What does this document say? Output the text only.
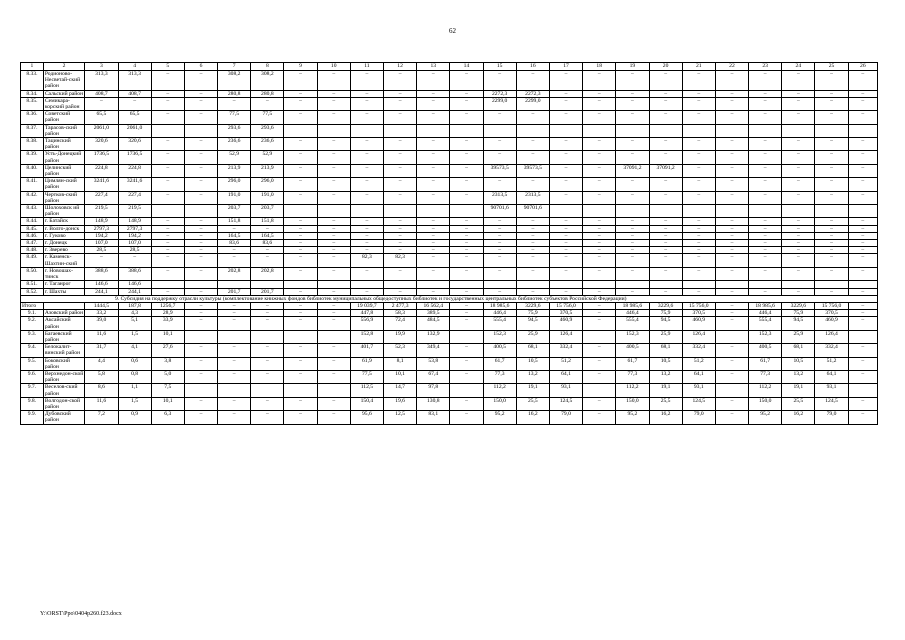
62
1	2	3	4	5	6	7	8	9	10	11	12	13	14	15	16	17	18	19	20	21	22	23	24	25	26
8.33.	Родионово-Несветай-ский район	313,3	313,3	–	–	308,2	308,2	–	–	–	–	–	–	–	–	–	–	–	–	–	–	–	–	–	–
8.34.	Сальский район	408,7	408,7	–	–	280,8	280,8	–	–	–	–	–	–	2272,3	2272,3	–	–	–	–	–	–	–	–	–	–
8.35.	Семикара-корский район	–	–	–	–	–	–	–	–	–	–	–	–	2299,0	2299,0	–	–	–	–	–	–	–	–	–	–
8.36.	Советский район	65,5	65,5	–	–	77,5	77,5	–	–	–	–	–	–	–	–	–	–	–	–	–	–	–	–	–	–
8.37.	Тарасов-ский район	2061,0	2061,0			293,6	293,6																		
8.38.	Тацинский район	320,6	320,6	–	–	236,6	236,6	–	–	–	–	–	–	–	–	–	–	–	–	–	–	–	–	–	–
8.39.	Усть-Донецкий район	1736,5	1736,5	–	–	52,9	52,9	–	–	–	–	–	–	–	–	–	–	–	–	–	–	–	–	–	–
8.40.	Целинский район	224,8	224,8	–	–	213,9	213,9	–	–	–	–	–	–	39573,5	39573,5	–	–	37091,2	37091,2	–	–	–	–	–	–
8.41.	Цимлян-ский район	3241,6	3241,6	–	–	296,0	296,0	–	–	–	–	–	–	–	–	–	–	–	–	–	–	–	–	–	–
8.42.	Чертков-ский район	227,4	227,4	–	–	191,0	191,0	–	–	–	–	–	–	2313,5	2313,5	–	–	–	–	–	–	–	–	–	–
8.43.	Шолоховск ий район	219,5	219,5			203,7	203,7							90701,6	90701,6										
8.44.	г. Батайск	148,9	148,9	–	–	151,8	151,8	–	–	–	–	–	–	–	–	–	–	–	–	–	–	–	–	–	–
8.45.	г. Волго-донск	2797,3	2797,3	–	–	–	–	–	–	–	–	–	–	–	–	–	–	–	–	–	–	–	–	–	–
8.46.	г. Гуково	194,2	194,2	–	–	164,5	164,5	–	–	–	–	–	–	–	–	–	–	–	–	–	–	–	–	–	–
8.47.	г. Донецк	107,0	107,0	–	–	83,6	83,6	–	–	–	–	–	–	–	–	–	–	–	–	–	–	–	–	–	–
8.48.	г. Зверево	28,5	28,5	–	–	–	–	–	–	–	–	–	–	–	–	–	–	–	–	–	–	–	–	–	–
8.49.	г. Каменск-Шахтин-ский	–	–	–	–	–	–	–	–	82,3	82,3	–	–	–	–	–	–	–	–	–	–	–	–	–	–
8.50.	г. Новошах-тинск	388,6	388,6	–	–	202,8	202,8	–	–	–	–	–	–	–	–	–	–	–	–	–	–	–	–	–	–
8.51.	г. Таганрог	146,6	146,6																						
8.52.	г. Шахты	244,1	244,1	–	–	201,7	201,7	–	–	–	–	–	–	–	–	–	–	–	–	–	–	–	–	–	–
9. Субсидия на поддержку отрасли культуры (комплектование книжных фондов библиотек муниципальных общедоступных библиотек и государственных центральных библиотек субъектов Российской Федерации)																									
Итого		1444,5	187,8	1256,7	–	–	–	–	–	19 039,7	2 477,3	16 562,4	–	18 985,6	3229,6	15 756,0	–	18 985,6	3229,6	15 756,0	–	18 985,6	3229,6	15 756,0	–
9.1.	Азовский район	33,2	4,3	28,9	–	–	–	–	–	447,8	58,3	389,5	–	446,4	75,9	370,5	–	446,4	75,9	370,5	–	446,4	75,9	370,5	–
9.2.	Аксайский район	39,0	5,1	33,9	–	–	–	–	–	556,9	72,4	484,5	–	555,4	94,5	460,9	–	555,4	94,5	460,9	–	555,4	94,5	460,9	–
9.3.	Багаевский район	11,6	1,5	10,1						152,8	19,9	132,9		152,3	25,9	126,4		152,3	25,9	126,4		152,3	25,9	126,4	
9.4.	Белокалит-винский район	31,7	4,1	27,6	–	–	–	–	–	401,7	52,3	349,4	–	400,5	68,1	332,4	–	400,5	68,1	332,4	–	400,5	68,1	332,4	–
9.5.	Боковский район	4,4	0,6	3,8	–	–	–	–	–	61,9	8,1	53,8	–	61,7	10,5	51,2	–	61,7	10,5	51,2	–	61,7	10,5	51,2	–
9.6.	Верхнедон-ской район	5,8	0,8	5,0	–	–	–	–	–	77,5	10,1	67,4	–	77,3	13,2	64,1	–	77,3	13,2	64,1	–	77,3	13,2	64,1	–
9.7.	Веселов-ский район	8,6	1,1	7,5						112,5	14,7	97,8		112,2	19,1	93,1		112,2	19,1	93,1		112,2	19,1	93,1	
9.8.	Волгодон-ской район	11,6	1,5	10,1	–	–	–	–	–	150,4	19,6	130,8	–	150,0	25,5	124,5	–	150,0	25,5	124,5	–	150,0	25,5	124,5	–
9.9.	Дубовский район	7,2	0,9	6,3	–	–	–	–	–	95,6	12,5	83,1	–	95,2	16,2	79,0	–	95,2	16,2	79,0	–	95,2	16,2	79,0	–
Y:\ORST\Ppo\0404p260.f23.docx
